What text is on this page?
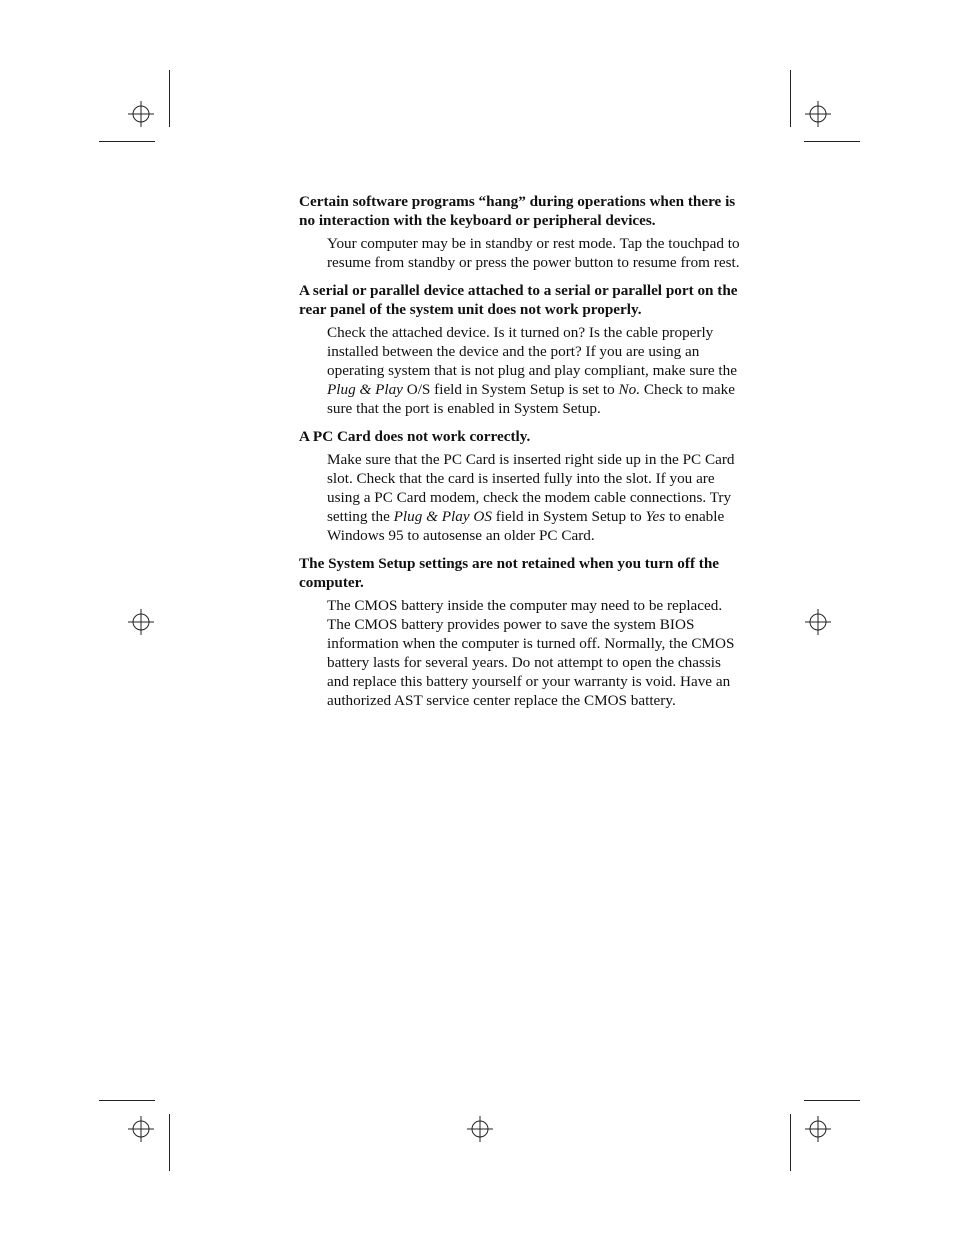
Certain software programs “hang” during operations when there is no interaction with the keyboard or peripheral devices.

Your computer may be in standby or rest mode. Tap the touchpad to resume from standby or press the power button to resume from rest.

A serial or parallel device attached to a serial or parallel port on the rear panel of the system unit does not work properly.

Check the attached device. Is it turned on? Is the cable properly installed between the device and the port? If you are using an operating system that is not plug and play compliant, make sure the Plug & Play O/S field in System Setup is set to No. Check to make sure that the port is enabled in System Setup.

A PC Card does not work correctly.

Make sure that the PC Card is inserted right side up in the PC Card slot. Check that the card is inserted fully into the slot. If you are using a PC Card modem, check the modem cable connections. Try setting the Plug & Play OS field in System Setup to Yes to enable Windows 95 to autosense an older PC Card.

The System Setup settings are not retained when you turn off the computer.

The CMOS battery inside the computer may need to be replaced. The CMOS battery provides power to save the system BIOS information when the computer is turned off. Normally, the CMOS battery lasts for several years. Do not attempt to open the chassis and replace this battery yourself or your warranty is void. Have an authorized AST service center replace the CMOS battery.
